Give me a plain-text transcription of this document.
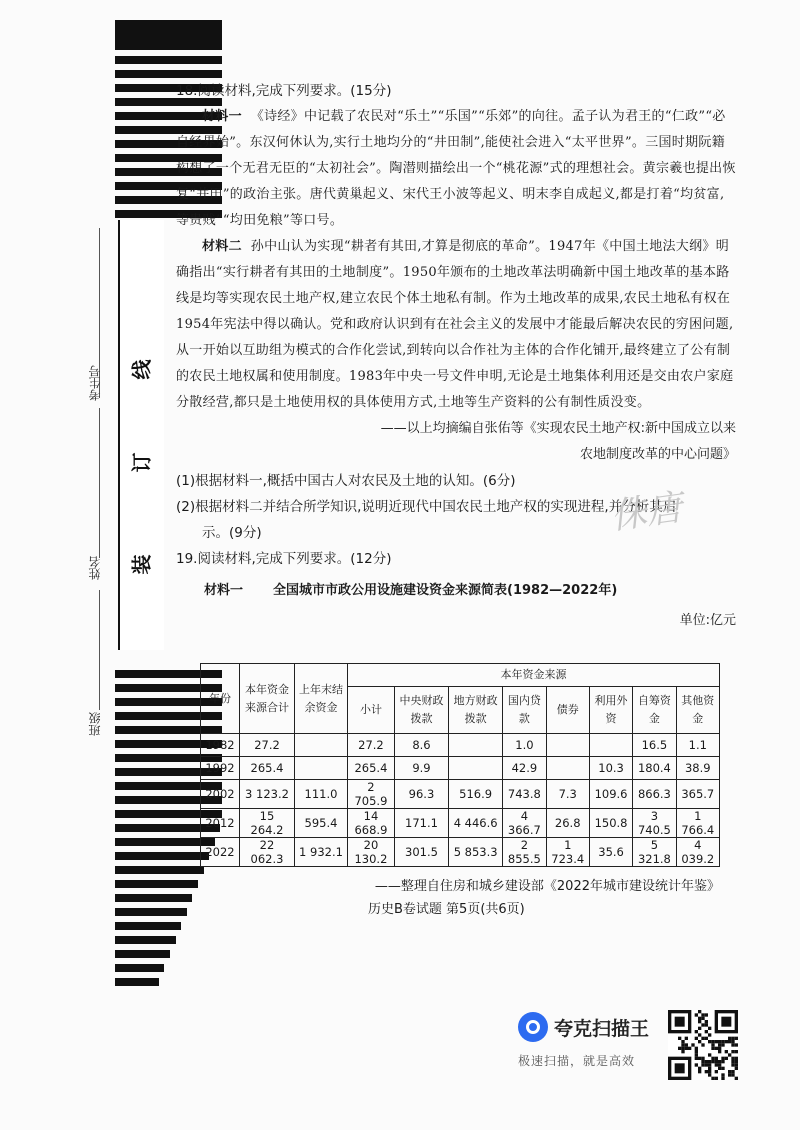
考生号
姓名
班级
线
订
装

18.阅读材料,完成下列要求。(15分)

材料一 《诗经》中记载了农民对“乐土”“乐国”“乐郊”的向往。孟子认为君王的“仁政”“必自经界始”。东汉何休认为,实行土地均分的“井田制”,能使社会进入“太平世界”。三国时期阮籍构想了一个无君无臣的“太初社会”。陶潜则描绘出一个“桃花源”式的理想社会。黄宗羲也提出恢复“井田”的政治主张。唐代黄巢起义、宋代王小波等起义、明末李自成起义,都是打着“均贫富,等贵贱”“均田免粮”等口号。

材料二 孙中山认为实现“耕者有其田,才算是彻底的革命”。1947年《中国土地法大纲》明确指出“实行耕者有其田的土地制度”。1950年颁布的土地改革法明确新中国土地改革的基本路线是均等实现农民土地产权,建立农民个体土地私有制。作为土地改革的成果,农民土地私有权在1954年宪法中得以确认。党和政府认识到有在社会主义的发展中才能最后解决农民的穷困问题,从一开始以互助组为模式的合作化尝试,到转向以合作社为主体的合作化铺开,最终建立了公有制的农民土地权属和使用制度。1983年中央一号文件申明,无论是土地集体利用还是交由农户家庭分散经营,都只是土地使用权的具体使用方式,土地等生产资料的公有制性质没变。

——以上均摘编自张佑等《实现农民土地产权:新中国成立以来

农地制度改革的中心问题》

(1)根据材料一,概括中国古人对农民及土地的认知。(6分)

(2)根据材料二并结合所学知识,说明近现代中国农民土地产权的实现进程,并分析其启

示。(9分)

19.阅读材料,完成下列要求。(12分)

材料一 全国城市市政公用设施建设资金来源简表(1982—2022年)

单位:亿元

侏唐
年份	本年资金来源合计	上年末结余资金	本年资金来源							
			小计	中央财政拨款	地方财政拨款	国内贷款	债券	利用外资	自筹资金	其他资金
1982	27.2		27.2	8.6		1.0			16.5	1.1
1992	265.4		265.4	9.9		42.9		10.3	180.4	38.9
2002	3 123.2	111.0	2 705.9	96.3	516.9	743.8	7.3	109.6	866.3	365.7
2012	15 264.2	595.4	14 668.9	171.1	4 446.6	4 366.7	26.8	150.8	3 740.5	1 766.4
2022	22 062.3	1 932.1	20 130.2	301.5	5 853.3	2 855.5	1 723.4	35.6	5 321.8	4 039.2
——整理自住房和城乡建设部《2022年城市建设统计年鉴》
历史B卷试题 第5页(共6页)
夸克扫描王
极速扫描，就是高效
